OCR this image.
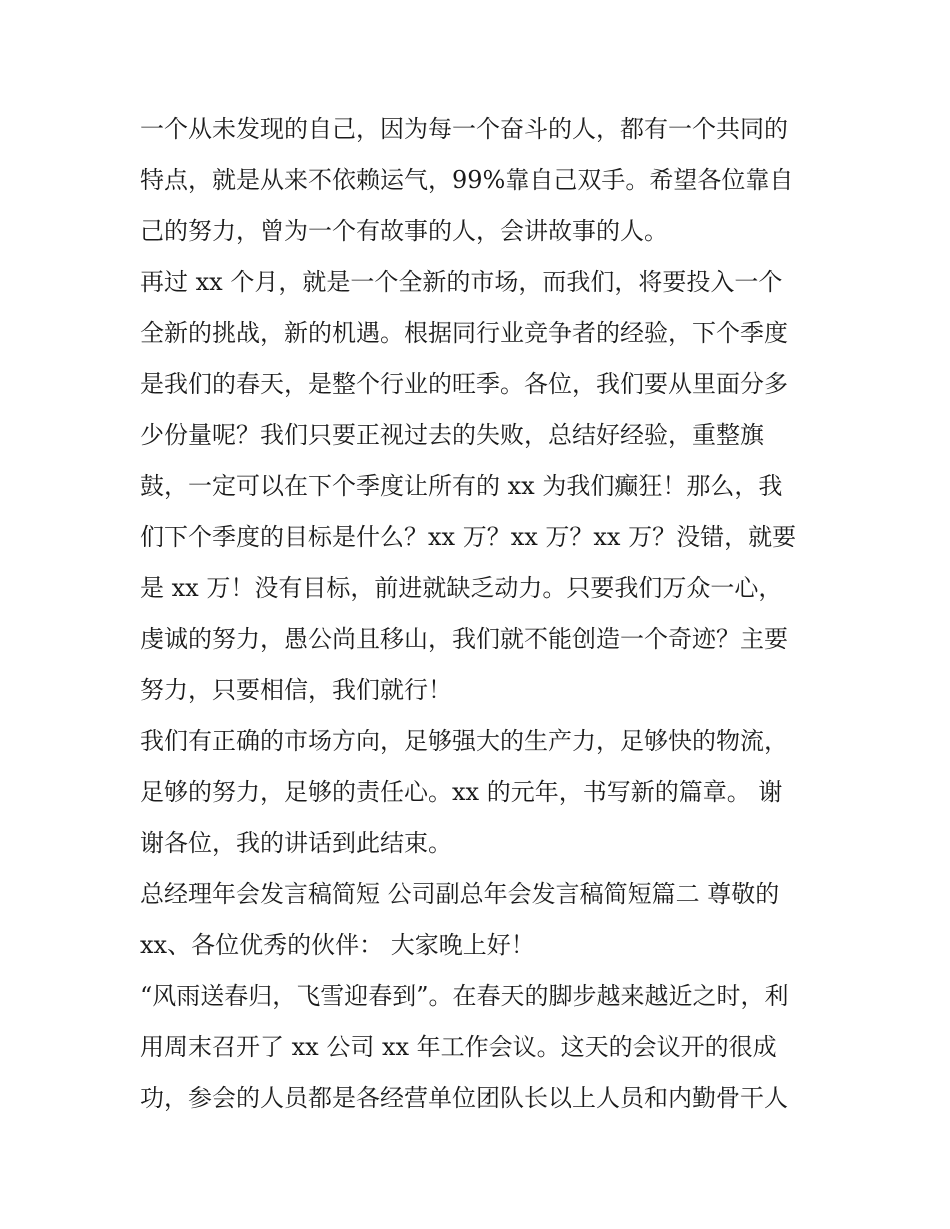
一个从未发现的自己，因为每一个奋斗的人，都有一个共同的
特点，就是从来不依赖运气，99%靠自己双手。希望各位靠自
己的努力，曾为一个有故事的人，会讲故事的人。
再过 xx 个月，就是一个全新的市场，而我们，将要投入一个
全新的挑战，新的机遇。根据同行业竞争者的经验，下个季度
是我们的春天，是整个行业的旺季。各位，我们要从里面分多
少份量呢？我们只要正视过去的失败，总结好经验，重整旗
鼓，一定可以在下个季度让所有的 xx 为我们癫狂！那么，我
们下个季度的目标是什么？xx 万？xx 万？xx 万？没错，就要
是 xx 万！没有目标，前进就缺乏动力。只要我们万众一心，
虔诚的努力，愚公尚且移山，我们就不能创造一个奇迹？主要
努力，只要相信，我们就行！
我们有正确的市场方向，足够强大的生产力，足够快的物流，
足够的努力，足够的责任心。xx 的元年，书写新的篇章。 谢
谢各位，我的讲话到此结束。
总经理年会发言稿简短 公司副总年会发言稿简短篇二 尊敬的
xx、各位优秀的伙伴： 大家晚上好！
“风雨送春归，飞雪迎春到”。在春天的脚步越来越近之时，利
用周末召开了 xx 公司 xx 年工作会议。这天的会议开的很成
功，参会的人员都是各经营单位团队长以上人员和内勤骨干人
